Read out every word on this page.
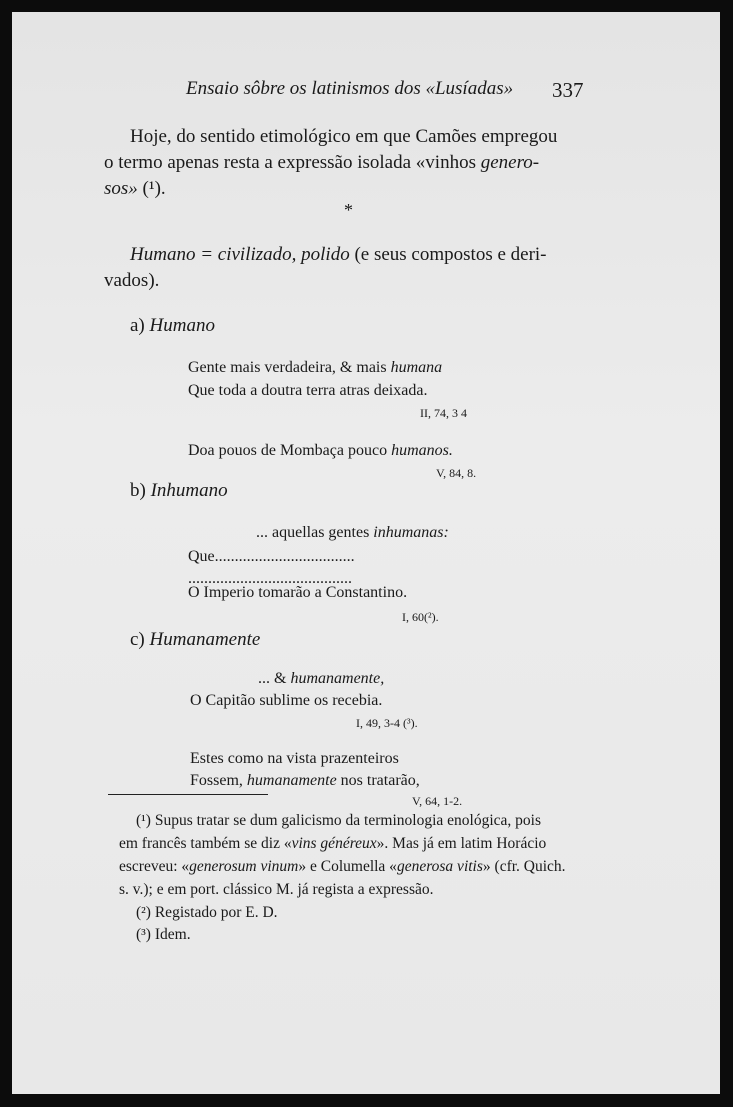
Ensaio sôbre os latinismos dos «Lusíadas» 337
Hoje, do sentido etimológico em que Camões empregou
o termo apenas resta a expressão isolada «vinhos genero-
sos» (¹).
*
Humano = civilizado, polido (e seus compostos e deri-
vados).
a) Humano
Gente mais verdadeira, & mais humana
Que toda a doutra terra atras deixada.
II, 74, 3 4
Doa pouos de Mombaça pouco humanos.
V, 84, 8.
b) Inhumano
... aquellas gentes inhumanas:
Que...................................
.........................................
O Imperio tomarão a Constantino.
I, 60(²).
c) Humanamente
... & humanamente,
O Capitão sublime os recebia.
I, 49, 3-4 (³).
Estes como na vista prazenteiros
Fossem, humanamente nos tratarão,
V, 64, 1-2.
(¹) Supus tratar se dum galicismo da terminologia enológica, pois
em francês também se diz «vins généreux». Mas já em latim Horácio
escreveu: «generosum vinum» e Columella «generosa vitis» (cfr. Quich.
s. v.); e em port. clássico M. já regista a expressão.
(²) Registado por E. D.
(³) Idem.
